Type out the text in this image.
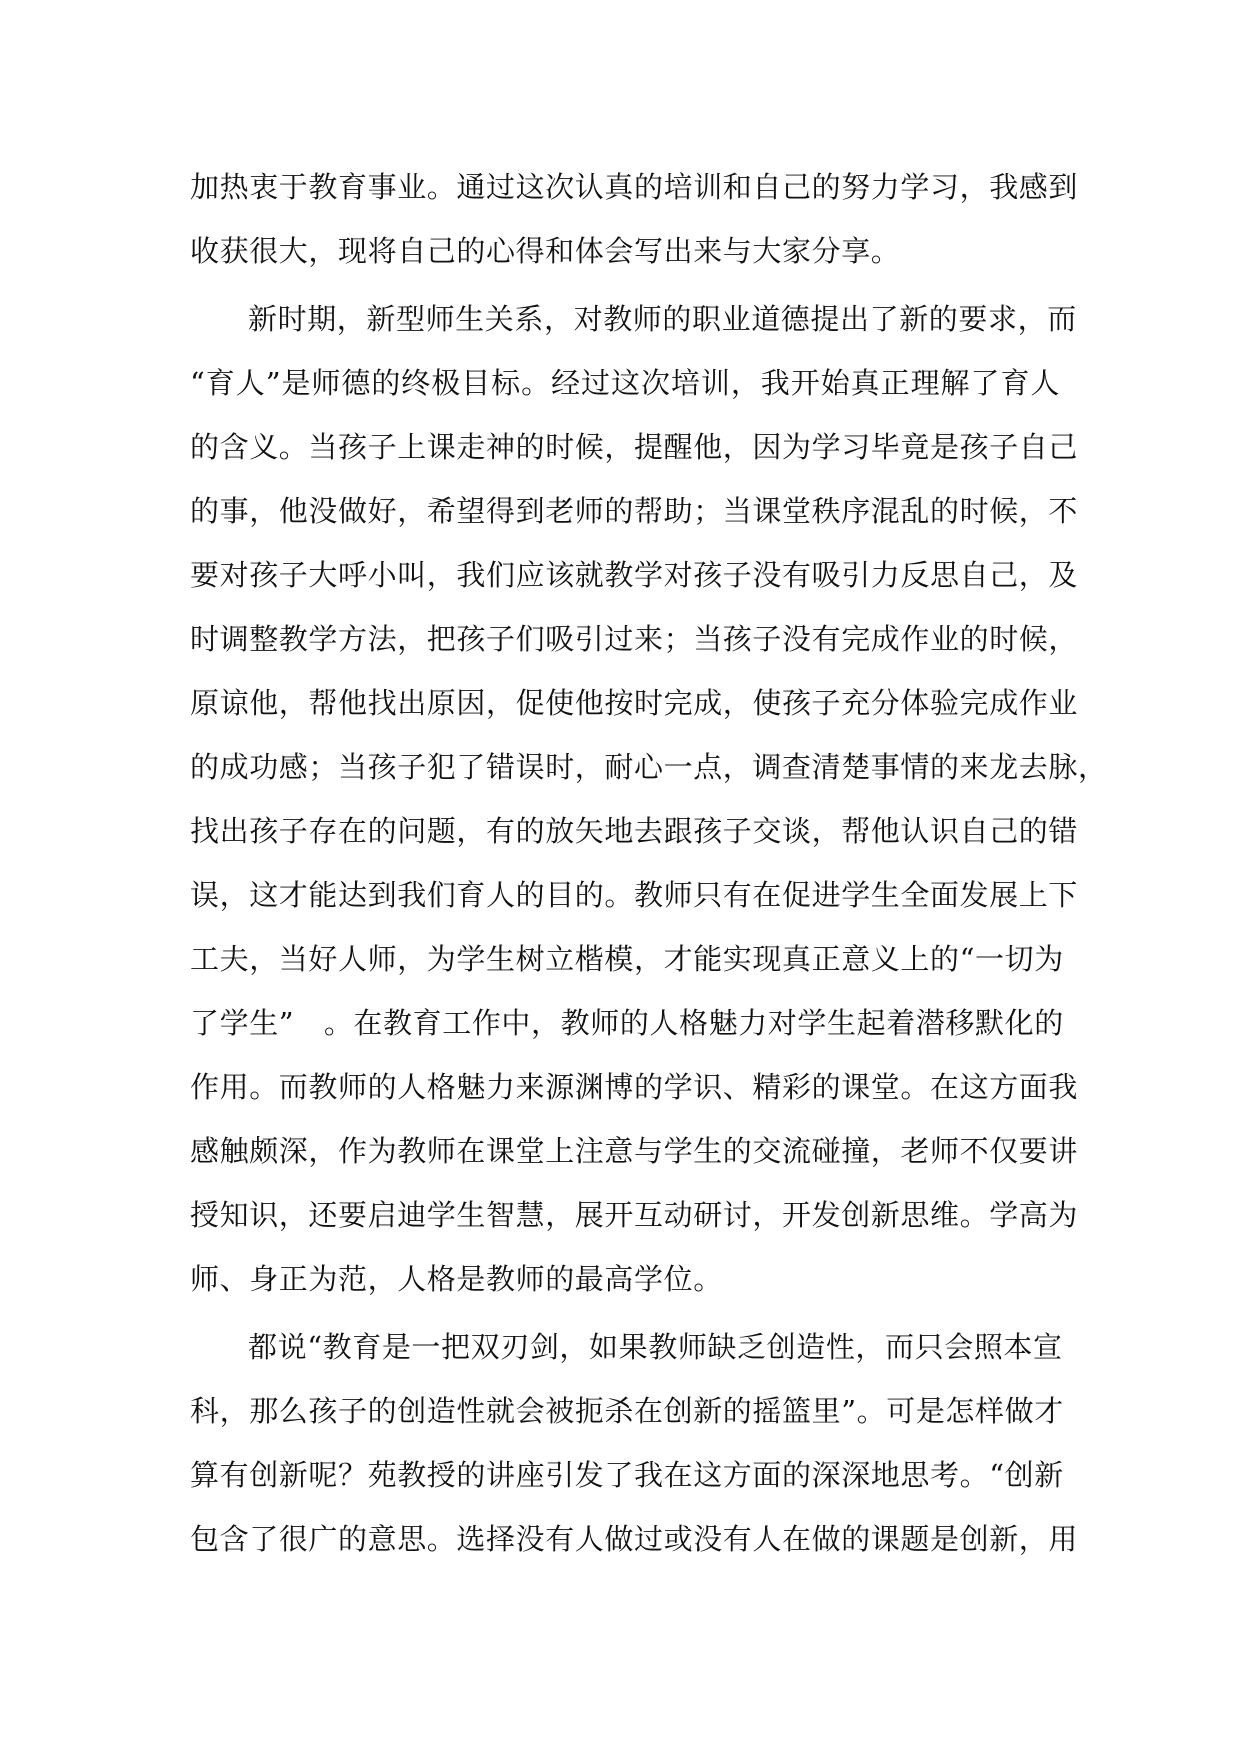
加热衷于教育事业。通过这次认真的培训和自己的努力学习，我感到
收获很大，现将自己的心得和体会写出来与大家分享。
新时期，新型师生关系，对教师的职业道德提出了新的要求，而
“育人”是师德的终极目标。经过这次培训，我开始真正理解了育人
的含义。当孩子上课走神的时候，提醒他，因为学习毕竟是孩子自己
的事，他没做好，希望得到老师的帮助；当课堂秩序混乱的时候，不
要对孩子大呼小叫，我们应该就教学对孩子没有吸引力反思自己，及
时调整教学方法，把孩子们吸引过来；当孩子没有完成作业的时候，
原谅他，帮他找出原因，促使他按时完成，使孩子充分体验完成作业
的成功感；当孩子犯了错误时，耐心一点，调查清楚事情的来龙去脉，
找出孩子存在的问题，有的放矢地去跟孩子交谈，帮他认识自己的错
误，这才能达到我们育人的目的。教师只有在促进学生全面发展上下
工夫，当好人师，为学生树立楷模，才能实现真正意义上的“一切为
了学生”　。在教育工作中，教师的人格魅力对学生起着潜移默化的
作用。而教师的人格魅力来源渊博的学识、精彩的课堂。在这方面我
感触颇深，作为教师在课堂上注意与学生的交流碰撞，老师不仅要讲
授知识，还要启迪学生智慧，展开互动研讨，开发创新思维。学高为
师、身正为范，人格是教师的最高学位。
都说“教育是一把双刃剑，如果教师缺乏创造性，而只会照本宣
科，那么孩子的创造性就会被扼杀在创新的摇篮里”。可是怎样做才
算有创新呢？苑教授的讲座引发了我在这方面的深深地思考。“创新
包含了很广的意思。选择没有人做过或没有人在做的课题是创新，用
